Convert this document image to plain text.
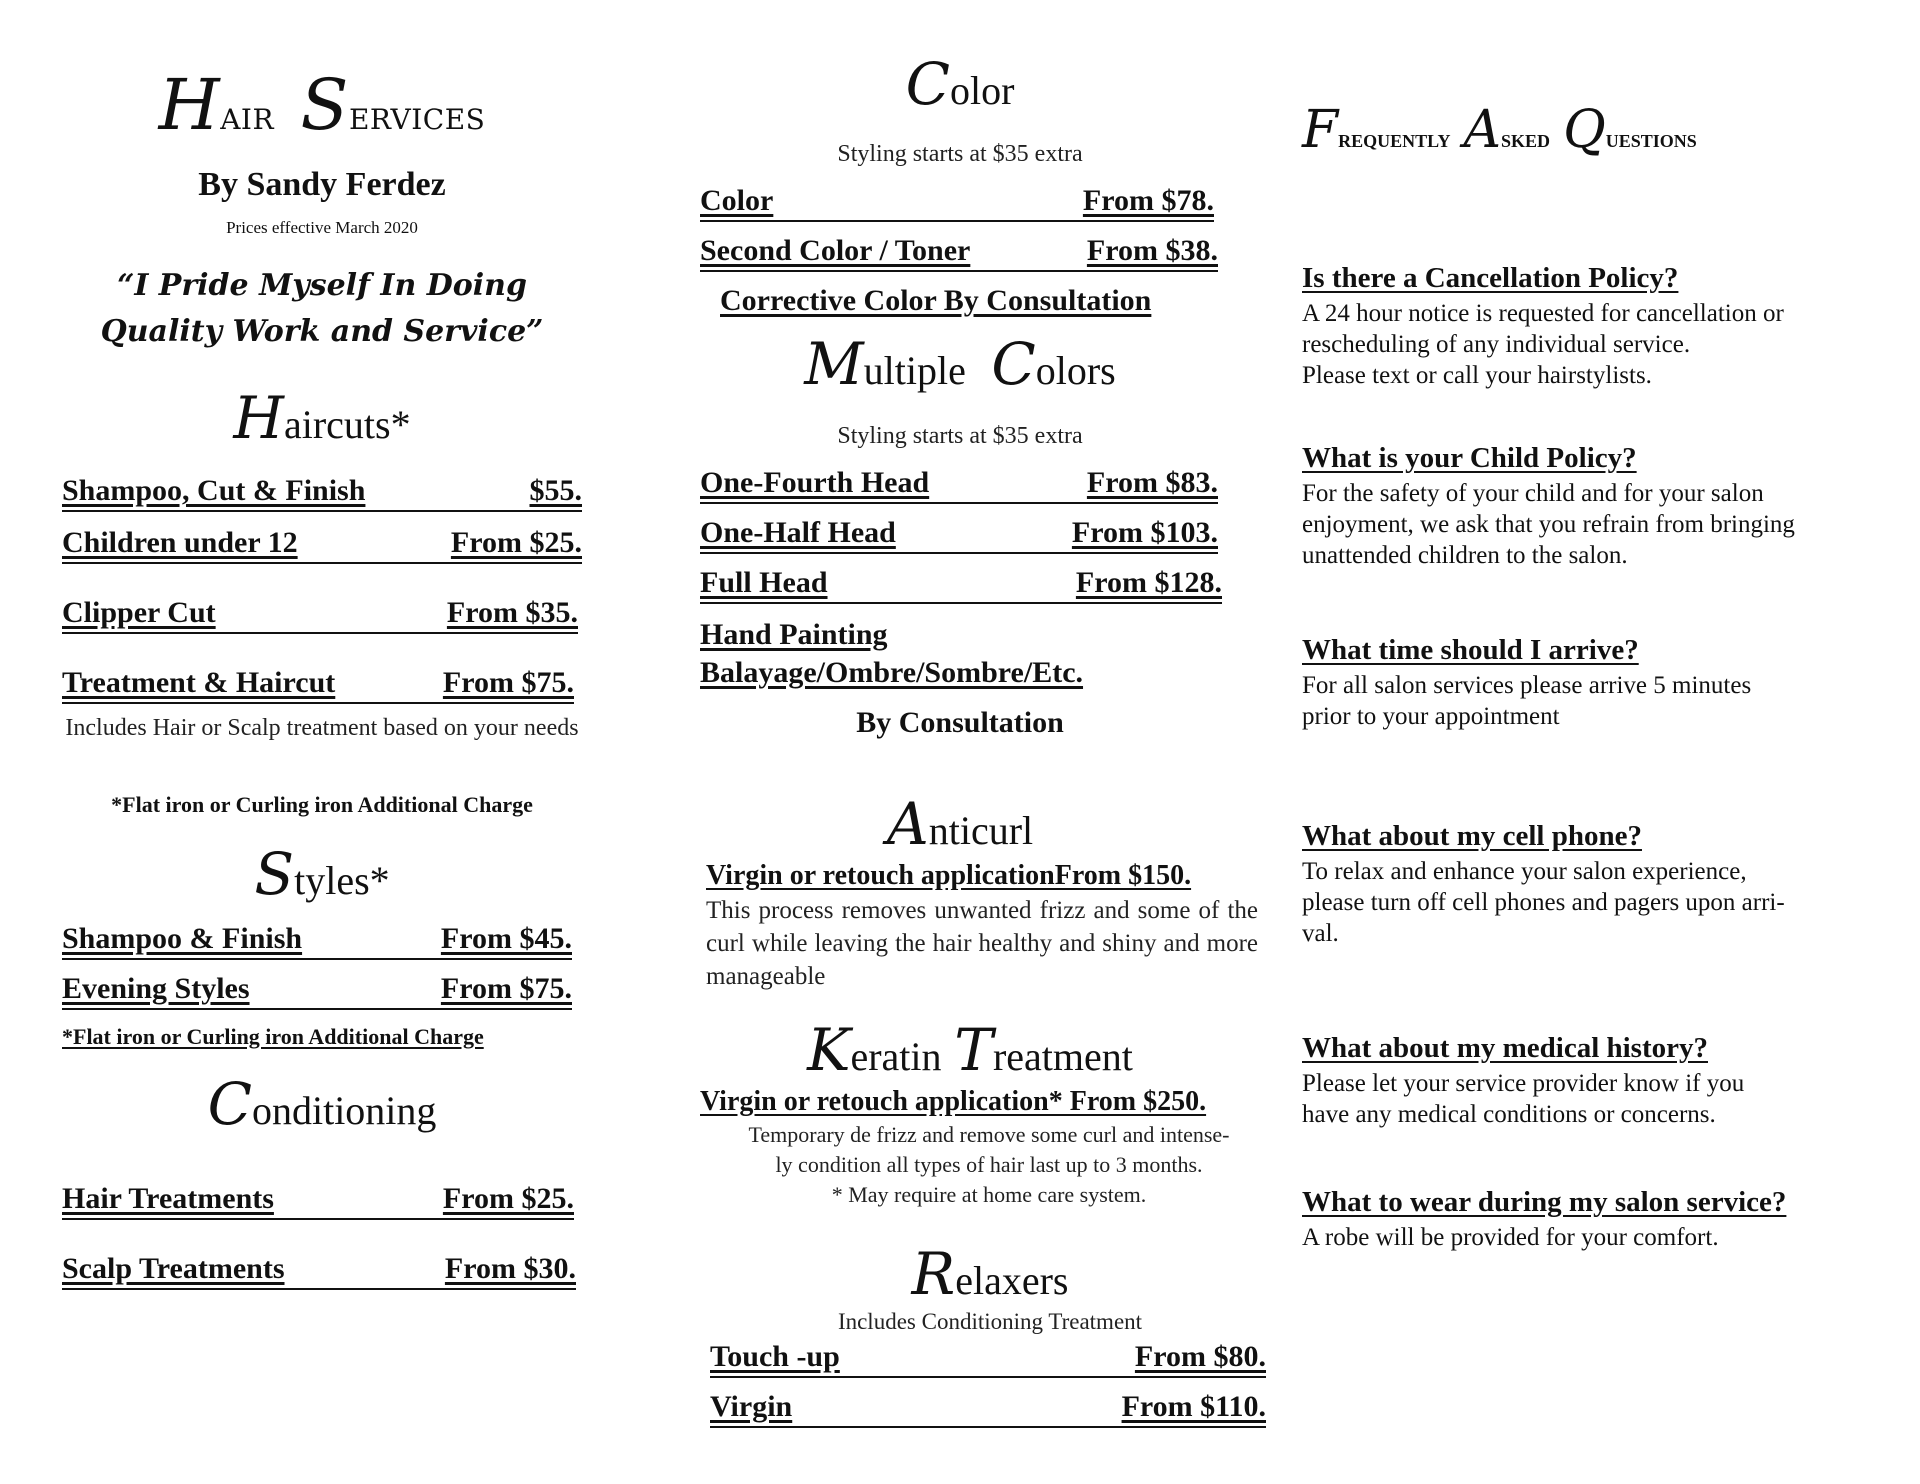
Hair Services
By Sandy Ferdez
Prices effective March 2020
“I Pride Myself In Doing
Quality Work and Service”
Haircuts*
Shampoo, Cut & Finish	$55.
Children under 12	From $25.
Clipper Cut	From $35.
Treatment & Haircut	From $75.
Includes Hair or Scalp treatment based on your needs
*Flat iron or Curling iron Additional Charge
Styles*
Shampoo & Finish	From $45.
Evening Styles	From $75.
*Flat iron or Curling iron Additional Charge
Conditioning
Hair Treatments	From $25.
Scalp Treatments	From $30.
Color
Styling starts at $35 extra
Color	From $78.
Second Color / Toner	From $38.
Corrective Color By Consultation
Multiple Colors
Styling starts at $35 extra
One-Fourth Head	From $83.
One-Half Head	From $103.
Full Head	From $128.
Hand Painting
Balayage/Ombre/Sombre/Etc.
By Consultation
Anticurl
Virgin or retouch applicationFrom $150.
This process removes unwanted frizz and some of the curl while leaving the hair healthy and shiny and more manageable
Keratin Treatment
Virgin or retouch application* From $250.
Temporary de frizz and remove some curl and intense-
ly condition all types of hair last up to 3 months.
* May require at home care system.
Relaxers
Includes Conditioning Treatment
Touch -up	From $80.
Virgin	From $110.
Frequently Asked Questions
Is there a Cancellation Policy?
A 24 hour notice is requested for cancellation or
rescheduling of any individual service.
Please text or call your hairstylists.
What is your Child Policy?
For the safety of your child and for your salon
enjoyment, we ask that you refrain from bringing
unattended children to the salon.
What time should I arrive?
For all salon services please arrive 5 minutes
prior to your appointment
What about my cell phone?
To relax and enhance your salon experience,
please turn off cell phones and pagers upon arri-
val.
What about my medical history?
Please let your service provider know if you
have any medical conditions or concerns.
What to wear during my salon service?
A robe will be provided for your comfort.
